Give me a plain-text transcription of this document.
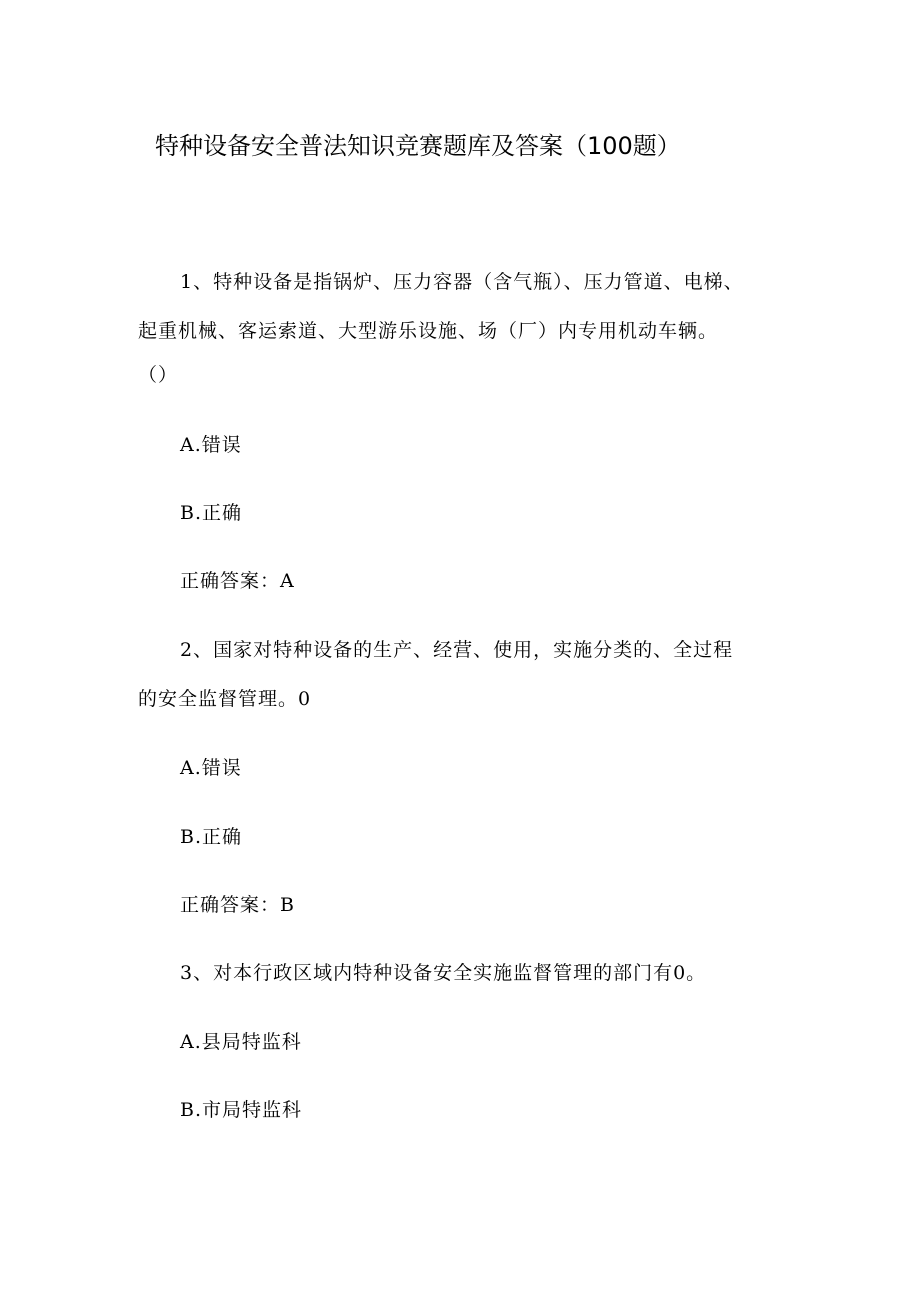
特种设备安全普法知识竞赛题库及答案（100题）

1、特种设备是指锅炉、压力容器（含气瓶）、压力管道、电梯、

起重机械、客运索道、大型游乐设施、场（厂）内专用机动车辆。

（）

A.错误

B.正确

正确答案：A

2、国家对特种设备的生产、经营、使用，实施分类的、全过程

的安全监督管理。0

A.错误

B.正确

正确答案：B

3、对本行政区域内特种设备安全实施监督管理的部门有0。

A.县局特监科

B.市局特监科
